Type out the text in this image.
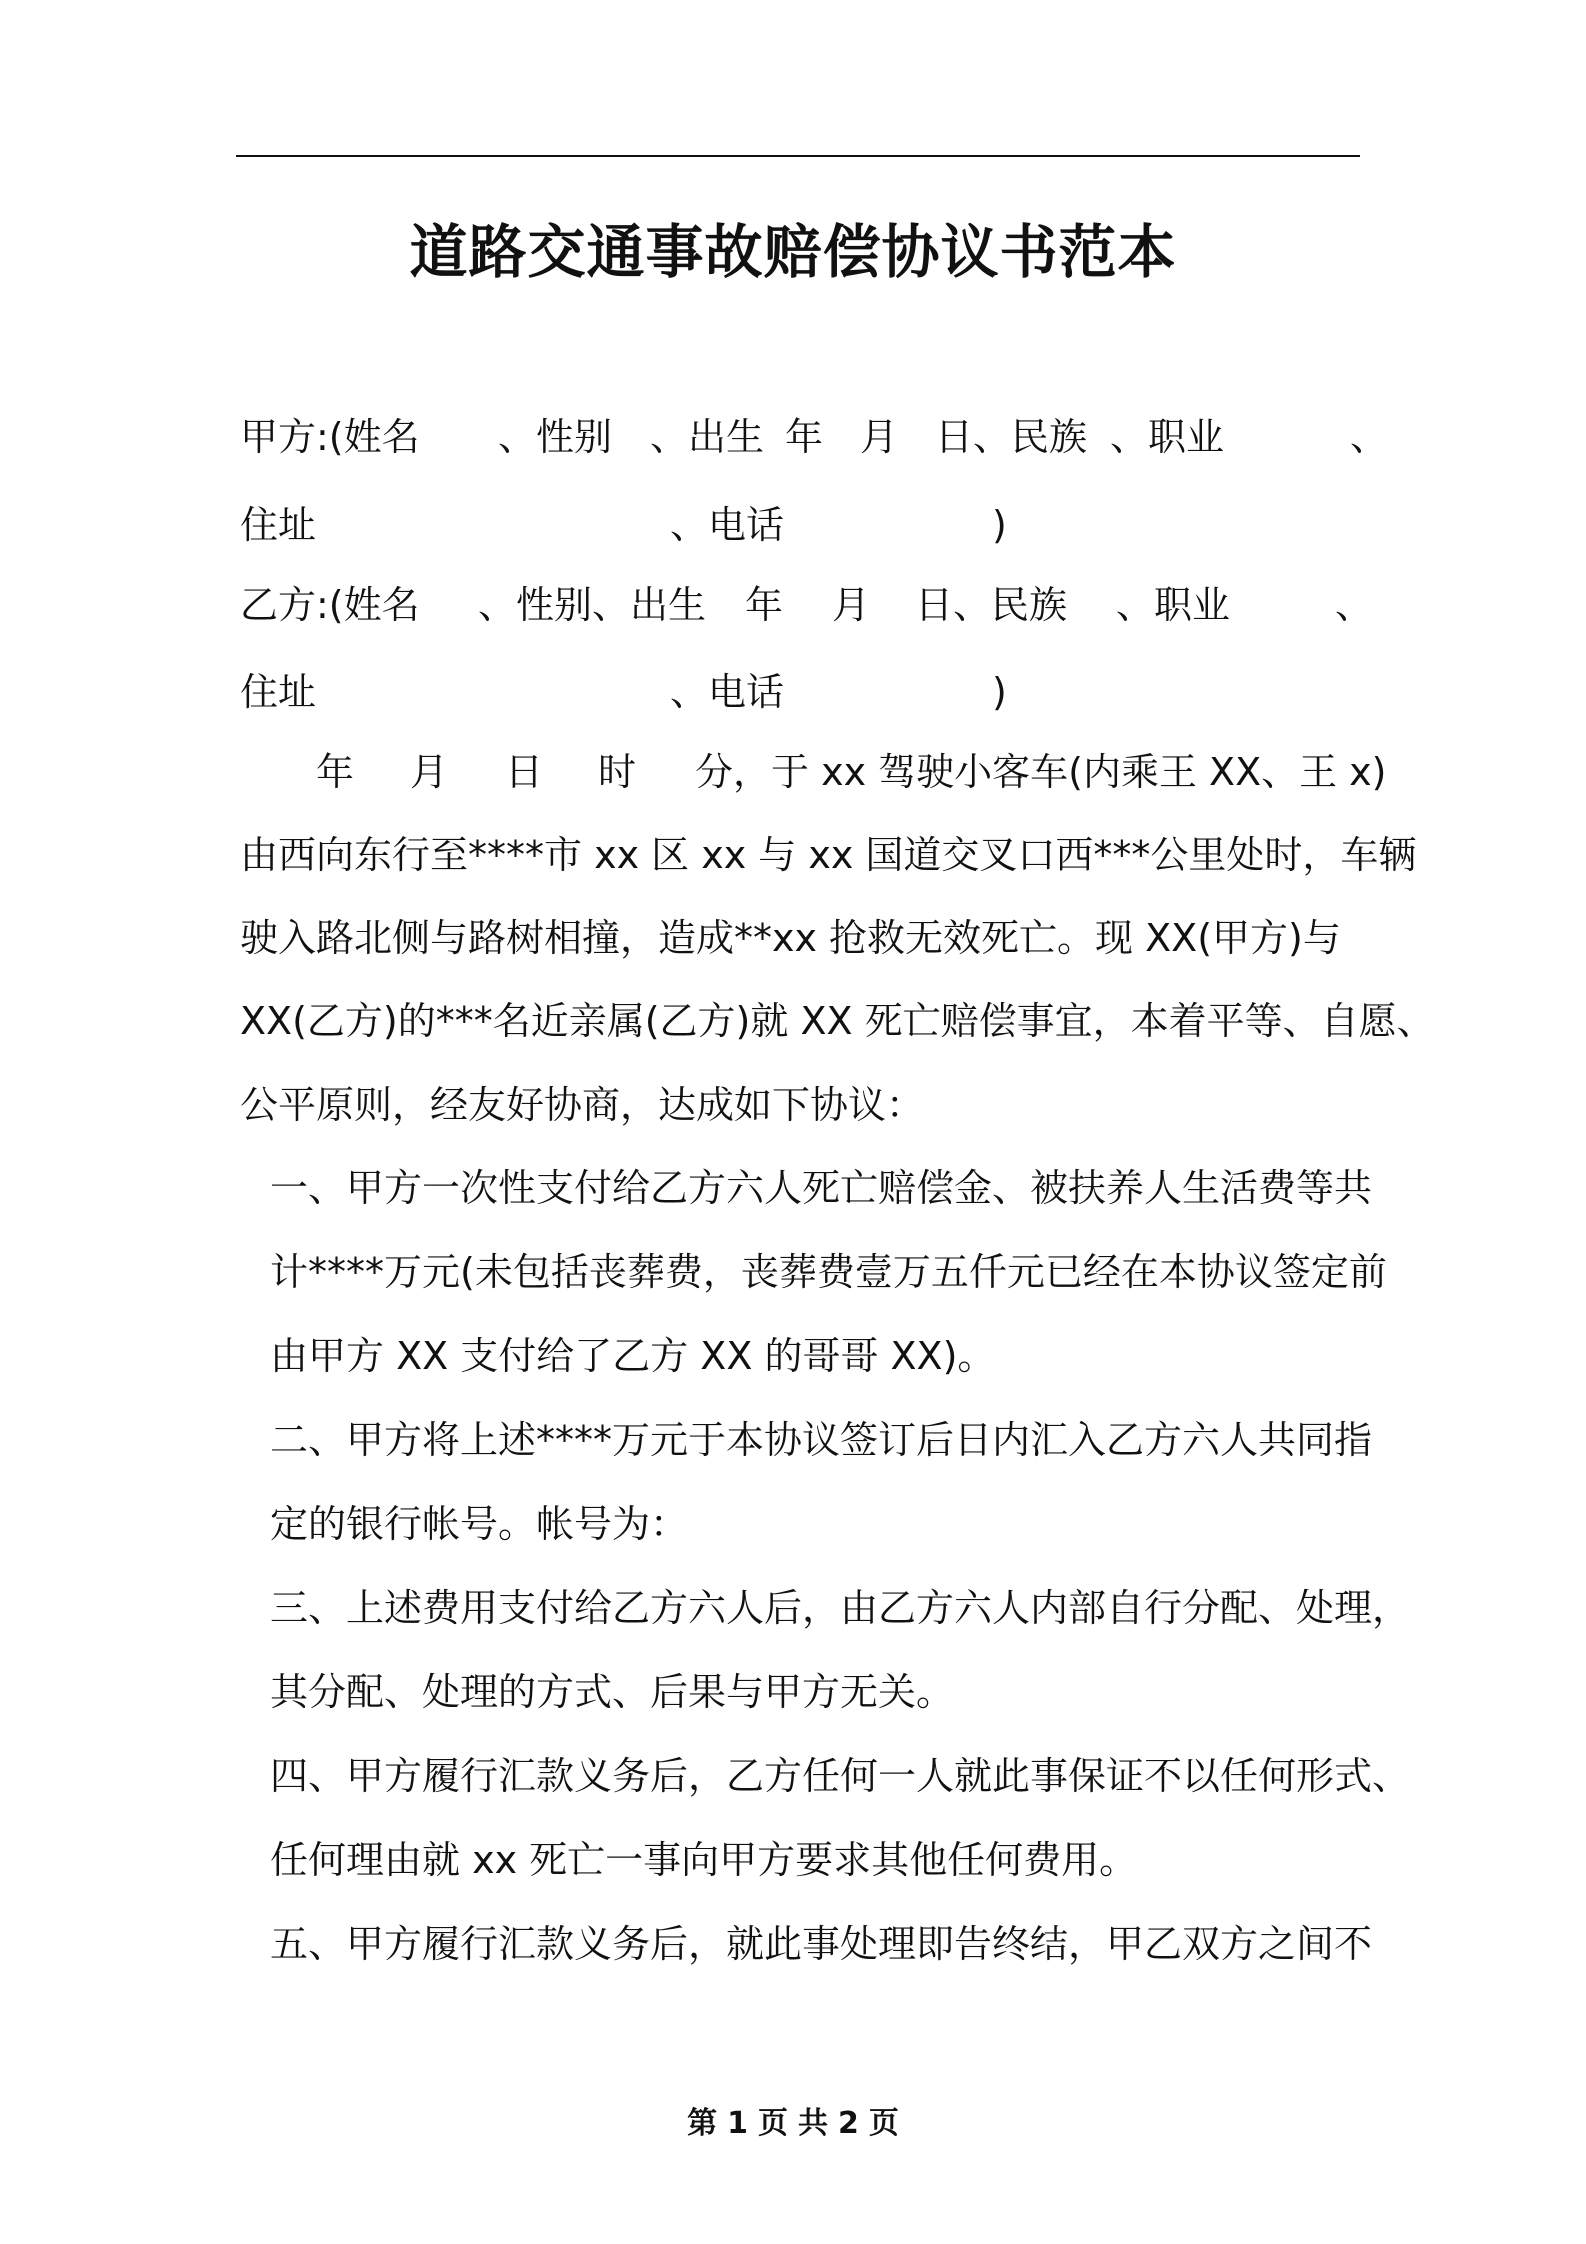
道路交通事故赔偿协议书范本
甲方:(姓名 、性别 、出生 年 月 日、民族 、职业	、
住址	、电话	)
乙方:(姓名 、性别、出生 年 月 日、民族 、职业	、
住址	、电话	)
年 月 日 时 分，于 xx 驾驶小客车(内乘王 XX、王 x)
由西向东行至****市 xx 区 xx 与 xx 国道交叉口西***公里处时，车辆
驶入路北侧与路树相撞，造成**xx 抢救无效死亡。现 XX(甲方)与
XX(乙方)的***名近亲属(乙方)就 XX 死亡赔偿事宜，本着平等、自愿、
公平原则，经友好协商，达成如下协议：
一、甲方一次性支付给乙方六人死亡赔偿金、被扶养人生活费等共
计****万元(未包括丧葬费，丧葬费壹万五仟元已经在本协议签定前
由甲方 XX 支付给了乙方 XX 的哥哥 XX)。
二、甲方将上述****万元于本协议签订后日内汇入乙方六人共同指
定的银行帐号。帐号为：
三、上述费用支付给乙方六人后，由乙方六人内部自行分配、处理，
其分配、处理的方式、后果与甲方无关。
四、甲方履行汇款义务后，乙方任何一人就此事保证不以任何形式、
任何理由就 xx 死亡一事向甲方要求其他任何费用。
五、甲方履行汇款义务后，就此事处理即告终结，甲乙双方之间不
第 1 页 共 2 页
